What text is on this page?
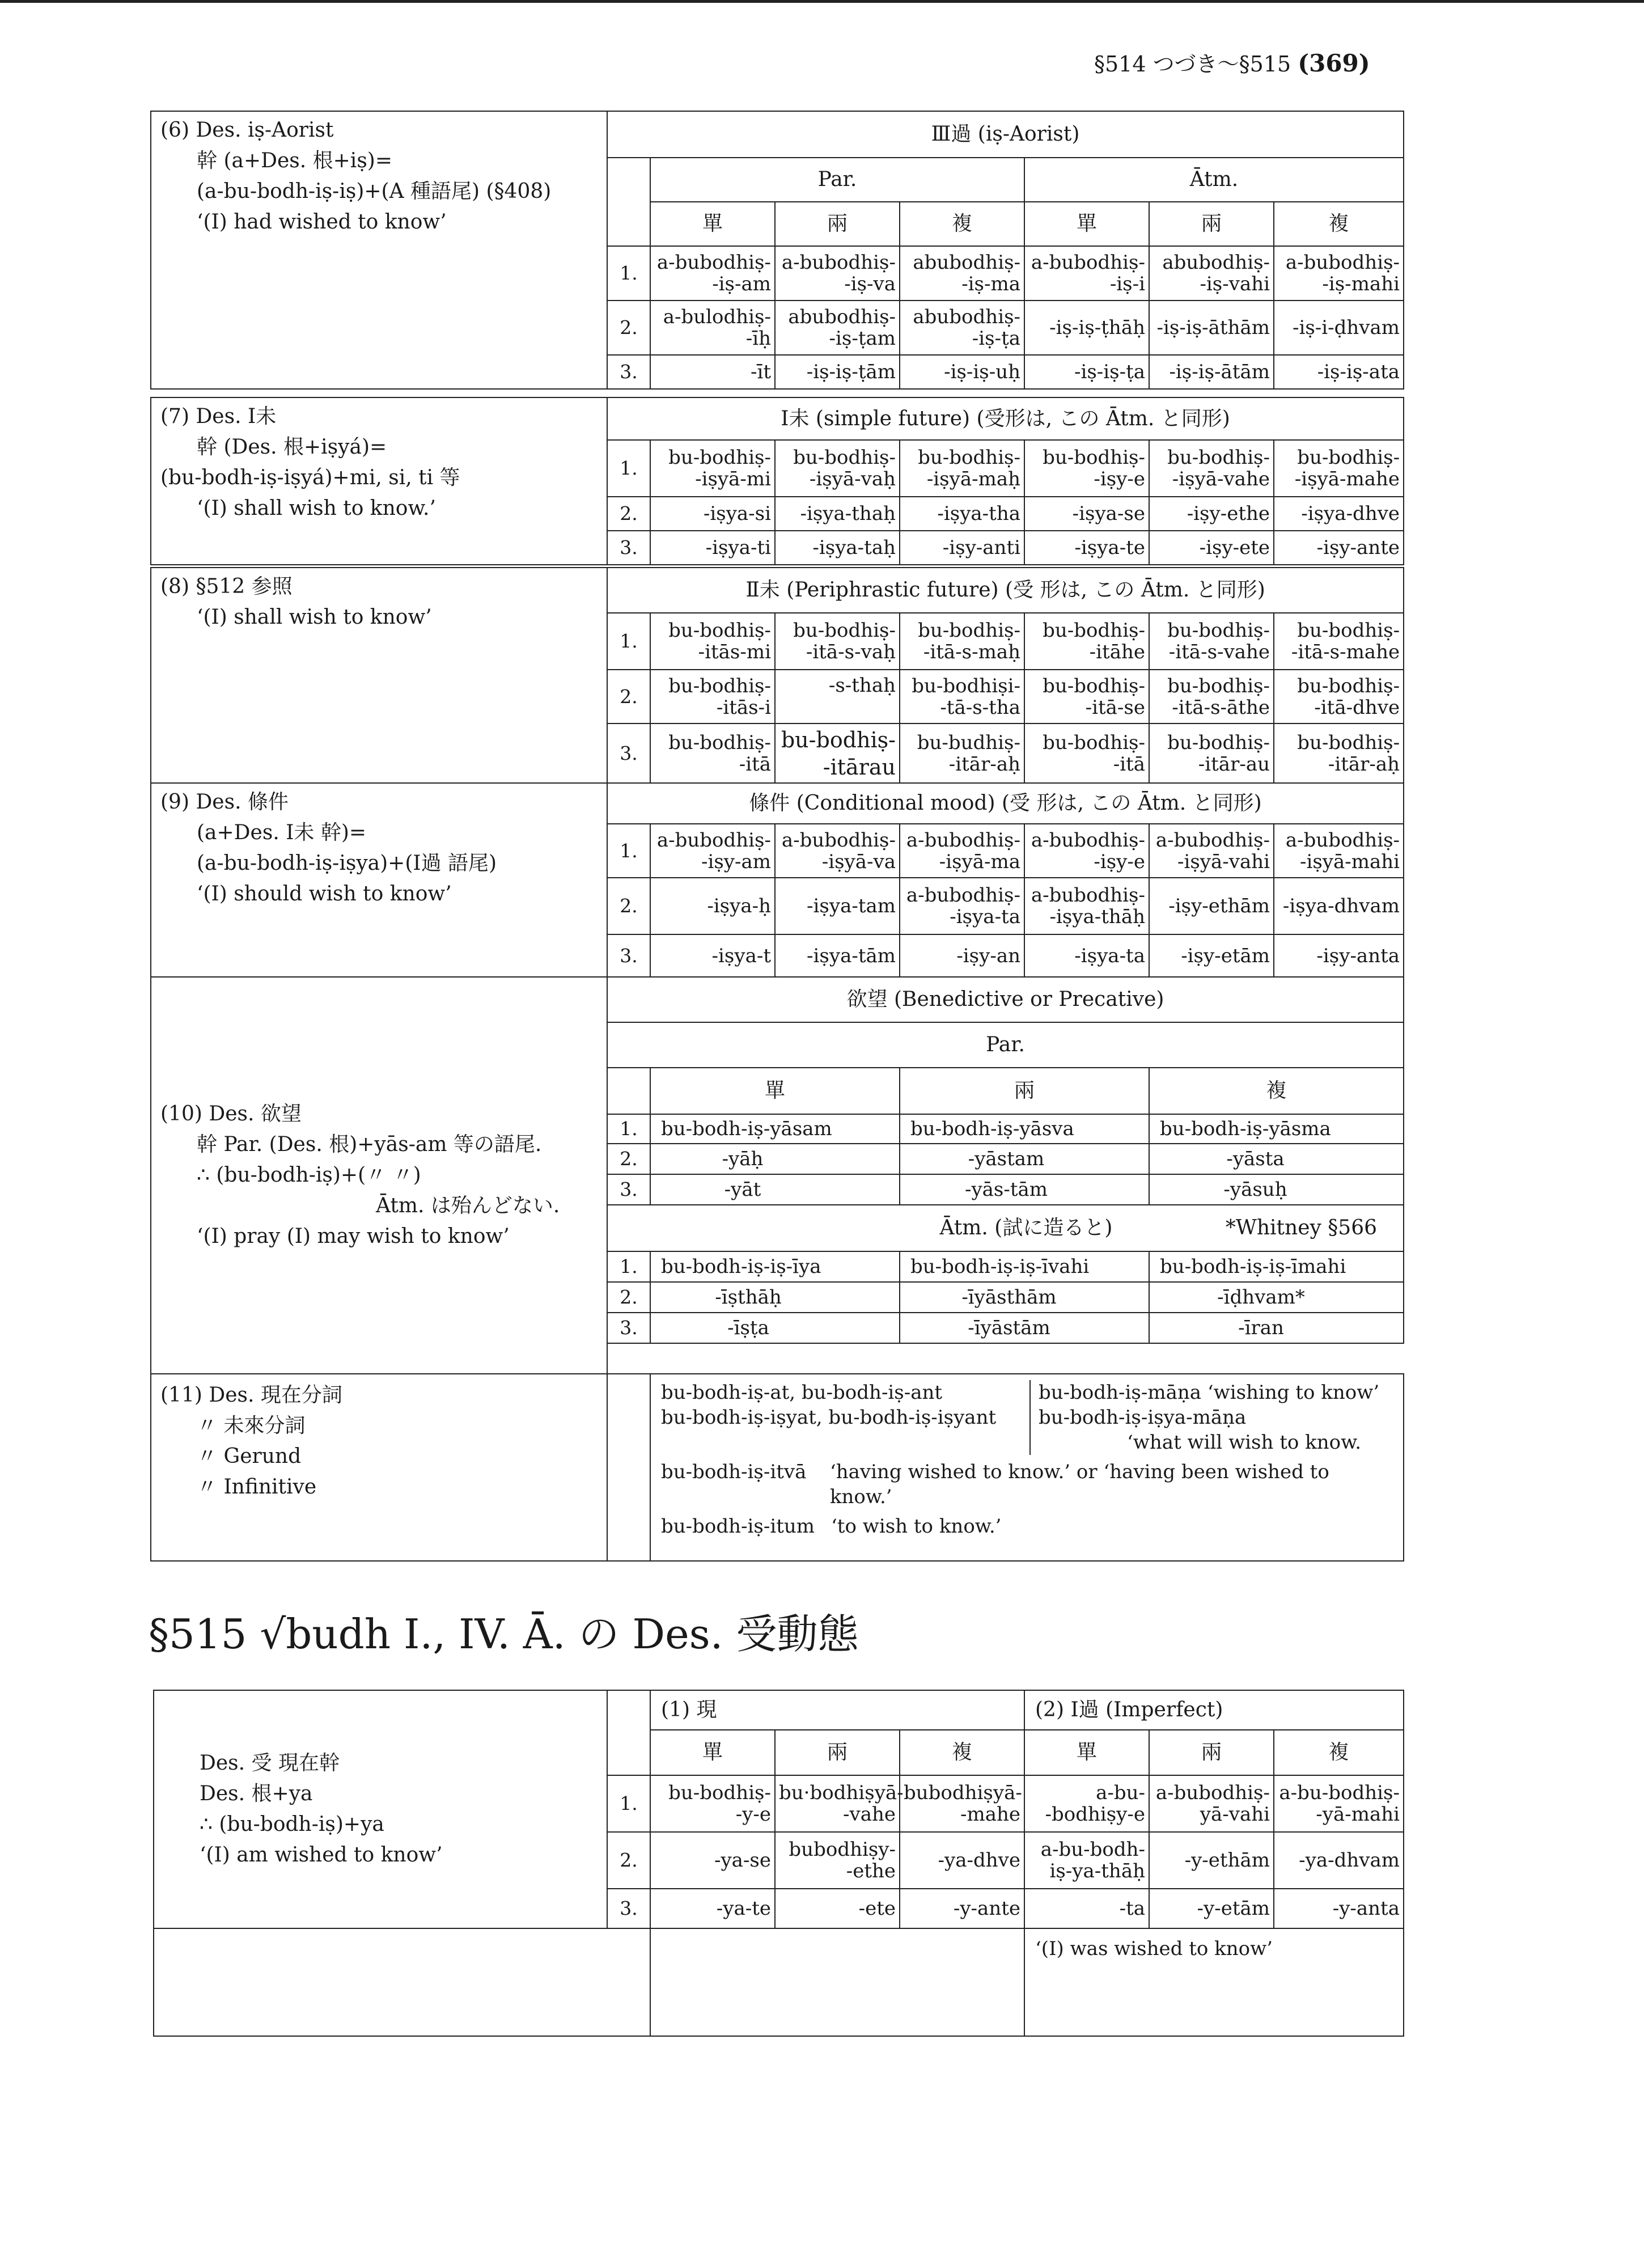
§514 つづき～§515 (369)
(6) Des. iṣ-Aorist
幹 (a+Des. 根+iṣ)=
(a-bu-bodh-iṣ-iṣ)+(A 種語尾) (§408)
‘(I) had wished to know’	Ⅲ過 (iṣ-Aorist)						
		Par.			Ātm.		
		單	兩	複	單	兩	複
	1.	a-bubodhiṣ-
-iṣ-am	a-bubodhiṣ-
-iṣ-va	abubodhiṣ-
-iṣ-ma	a-bubodhiṣ-
-iṣ-i	abubodhiṣ-
-iṣ-vahi	a-bubodhiṣ-
-iṣ-mahi
	2.	a-bulodhiṣ-
-īḥ	abubodhiṣ-
-iṣ-ṭam	abubodhiṣ-
-iṣ-ṭa	-iṣ-iṣ-ṭhāḥ	-iṣ-iṣ-āthām	-iṣ-i-ḍhvam
	3.	-īt	-iṣ-iṣ-ṭām	-iṣ-iṣ-uḥ	-iṣ-iṣ-ṭa	-iṣ-iṣ-ātām	-iṣ-iṣ-ata
(7) Des. Ⅰ未
幹 (Des. 根+iṣyá)=
(bu-bodh-iṣ-iṣyá)+mi, si, ti 等
‘(I) shall wish to know.’	Ⅰ未 (simple future) (受形は, この Ātm. と同形)						
	1.	bu-bodhiṣ-
-iṣyā-mi	bu-bodhiṣ-
-iṣyā-vaḥ	bu-bodhiṣ-
-iṣyā-maḥ	bu-bodhiṣ-
-iṣy-e	bu-bodhiṣ-
-iṣyā-vahe	bu-bodhiṣ-
-iṣyā-mahe
	2.	-iṣya-si	-iṣya-thaḥ	-iṣya-tha	-iṣya-se	-iṣy-ethe	-iṣya-dhve
	3.	-iṣya-ti	-iṣya-taḥ	-iṣy-anti	-iṣya-te	-iṣy-ete	-iṣy-ante
(8) §512 参照
‘(I) shall wish to know’	Ⅱ未 (Periphrastic future) (受 形は, この Ātm. と同形)						
	1.	bu-bodhiṣ-
-itās-mi	bu-bodhiṣ-
-itā-s-vaḥ	bu-bodhiṣ-
-itā-s-maḥ	bu-bodhiṣ-
-itāhe	bu-bodhiṣ-
-itā-s-vahe	bu-bodhiṣ-
-itā-s-mahe
	2.	bu-bodhiṣ-
-itās-i	-s-thaḥ	bu-bodhiṣi-
-tā-s-tha	bu-bodhiṣ-
-itā-se	bu-bodhiṣ-
-itā-s-āthe	bu-bodhiṣ-
-itā-dhve
	3.	bu-bodhiṣ-
-itā	bu-bodhiṣ-
-itārau	bu-budhiṣ-
-itār-aḥ	bu-bodhiṣ-
-itā	bu-bodhiṣ-
-itār-au	bu-bodhiṣ-
-itār-aḥ
(9) Des. 條件
(a+Des. Ⅰ未 幹)=
(a-bu-bodh-iṣ-iṣya)+(Ⅰ過 語尾)
‘(I) should wish to know’	條件 (Conditional mood) (受 形は, この Ātm. と同形)						
	1.	a-bubodhiṣ-
-iṣy-am	a-bubodhiṣ-
-iṣyā-va	a-bubodhiṣ-
-iṣyā-ma	a-bubodhiṣ-
-iṣy-e	a-bubodhiṣ-
-iṣyā-vahi	a-bubodhiṣ-
-iṣyā-mahi
	2.	-iṣya-ḥ	-iṣya-tam	a-bubodhiṣ-
-iṣya-ta	a-bubodhiṣ-
-iṣya-thāḥ	-iṣy-ethām	-iṣya-dhvam
	3.	-iṣya-t	-iṣya-tām	-iṣy-an	-iṣya-ta	-iṣy-etām	-iṣy-anta
(10) Des. 欲望
幹 Par. (Des. 根)+yās-am 等の語尾.
∴ (bu-bodh-iṣ)+(〃 〃)
Ātm. は殆んどない.
‘(I) pray (I) may wish to know’	欲望 (Benedictive or Precative)			
	Par.			
		單	兩	複
	1.	bu-bodh-iṣ-yāsam	bu-bodh-iṣ-yāsva	bu-bodh-iṣ-yāsma
	2.	-yāḥ	-yāstam	-yāsta
	3.	-yāt	-yās-tām	-yāsuḥ
	Ātm. (試に造ると) *Whitney §566			

	1.	bu-bodh-iṣ-iṣ-īya	bu-bodh-iṣ-iṣ-īvahi	bu-bodh-iṣ-iṣ-īmahi
	2.	-īṣthāḥ	-īyāsthām	-īḍhvam*
	3.	-īṣṭa	-īyāstām	-īran

(11) Des. 現在分詞
〃 未來分詞
〃 Gerund
〃 Infinitive

bu-bodh-iṣ-at, bu-bodh-iṣ-ant	bu-bodh-iṣ-māṇa ‘wishing to know’
bu-bodh-iṣ-iṣyat, bu-bodh-iṣ-iṣyant	bu-bodh-iṣ-iṣya-māṇa
‘what will wish to know.
bu-bodh-iṣ-itvā	‘having wished to know.’ or ‘having been wished to know.’
bu-bodh-iṣ-itum ‘to wish to know.’
§515 √budh I., IV. Ā. の Des. 受動態
Des. 受 現在幹
Des. 根+ya
∴ (bu-bodh-iṣ)+ya
‘(I) am wished to know’		(1) 現			(2) Ⅰ過 (Imperfect)		
		單	兩	複	單	兩	複
	1.	bu-bodhiṣ-
-y-e	bu·bodhiṣyā-
-vahe	bubodhiṣyā-
-mahe	a-bu-
-bodhiṣy-e	a-bubodhiṣ-
yā-vahi	a-bu-bodhiṣ-
-yā-mahi
	2.	-ya-se	bubodhiṣy-
-ethe	-ya-dhve	a-bu-bodh-
iṣ-ya-thāḥ	-y-ethām	-ya-dhvam
	3.	-ya-te	-ete	-y-ante	-ta	-y-etām	-y-anta
		‘(I) was wished to know’
